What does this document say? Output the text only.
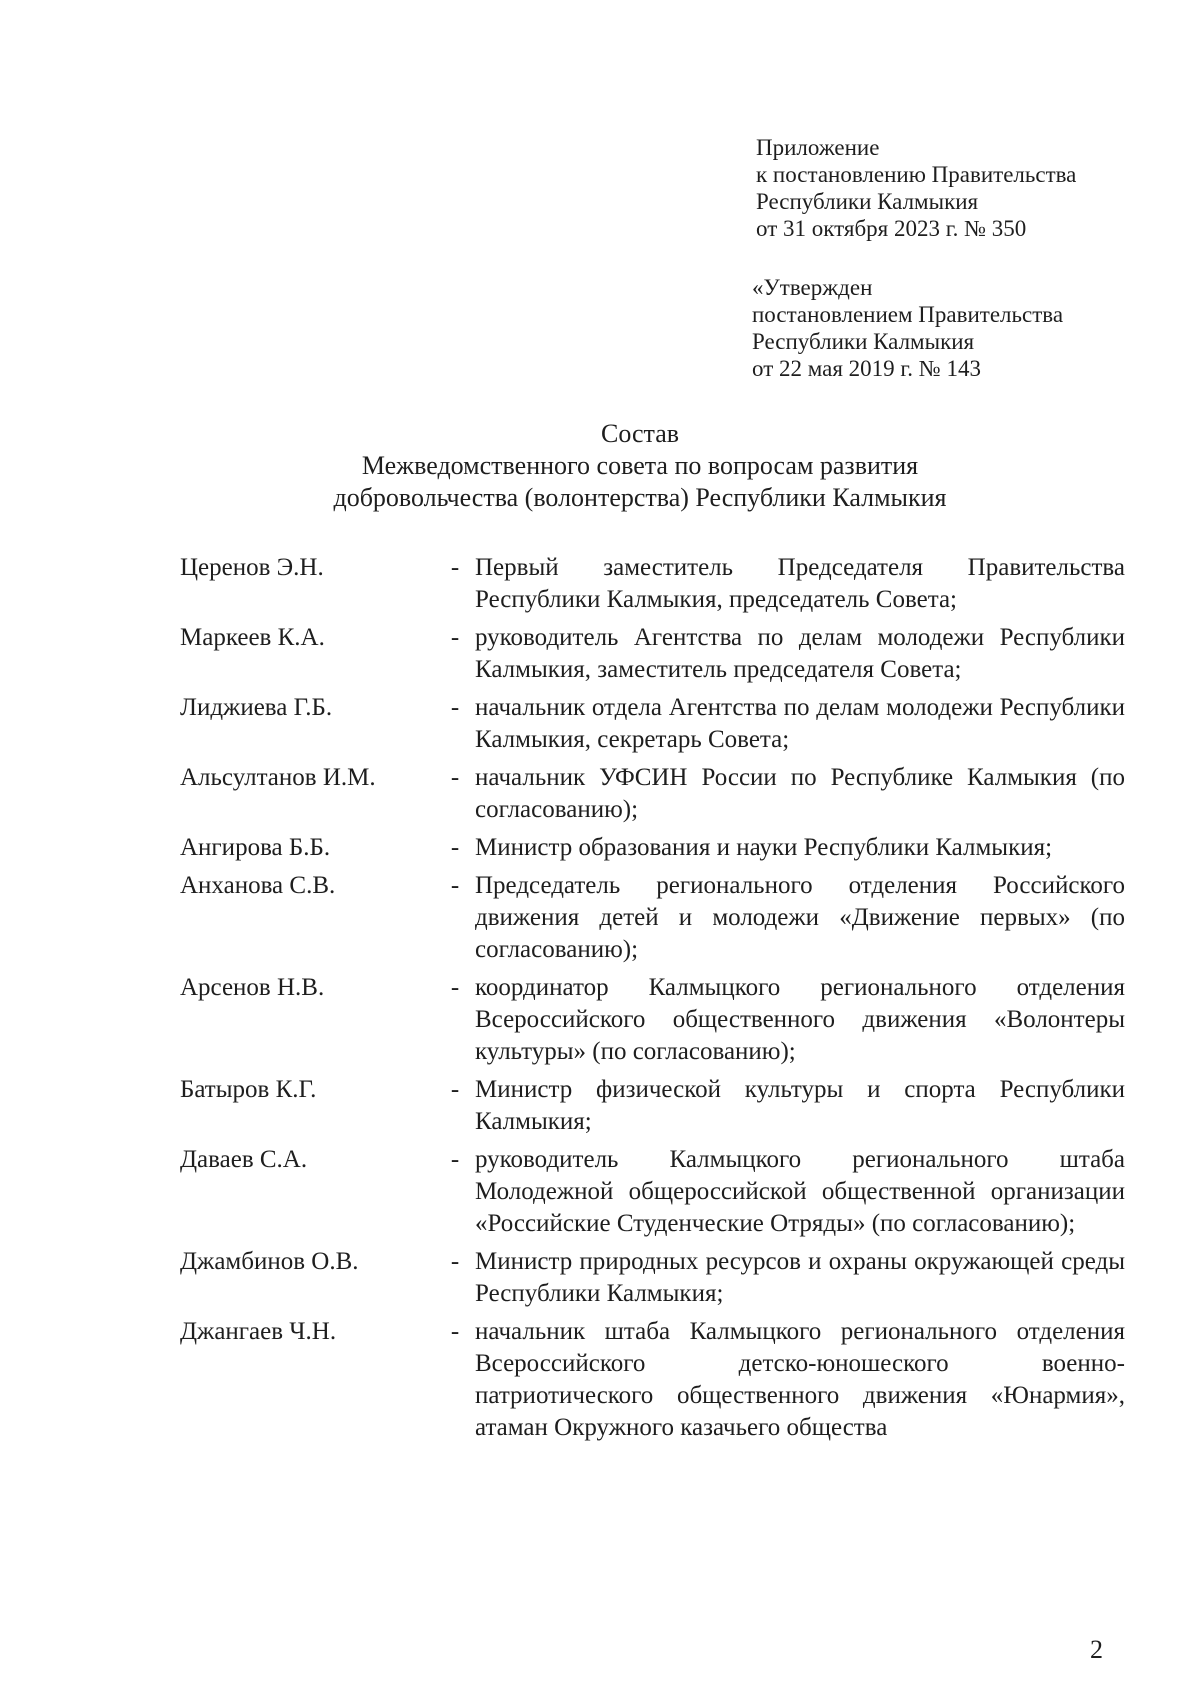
Приложение
к постановлению Правительства
Республики Калмыкия
от 31 октября 2023 г. № 350
«Утвержден
постановлением Правительства
Республики Калмыкия
от 22 мая 2019 г. № 143
Состав
Межведомственного совета по вопросам развития
добровольчества (волонтерства) Республики Калмыкия
Церенов Э.Н.	- Первый заместитель Председателя Правительства Республики Калмыкия, председатель Совета;
Маркеев К.А.	- руководитель Агентства по делам молодежи Республики Калмыкия, заместитель председателя Совета;
Лиджиева Г.Б.	- начальник отдела Агентства по делам молодежи Республики Калмыкия, секретарь Совета;
Альсултанов И.М.	- начальник УФСИН России по Республике Калмыкия (по согласованию);
Ангирова Б.Б.	- Министр образования и науки Республики Калмыкия;
Анханова С.В.	- Председатель регионального отделения Российского движения детей и молодежи «Движение первых» (по согласованию);
Арсенов Н.В.	- координатор Калмыцкого регионального отделения Всероссийского общественного движения «Волонтеры культуры» (по согласованию);
Батыров К.Г.	- Министр физической культуры и спорта Республики Калмыкия;
Даваев С.А.	- руководитель Калмыцкого регионального штаба Молодежной общероссийской общественной организации «Российские Студенческие Отряды» (по согласованию);
Джамбинов О.В.	- Министр природных ресурсов и охраны окружающей среды Республики Калмыкия;
Джангаев Ч.Н.	- начальник штаба Калмыцкого регионального отделения Всероссийского детско-юношеского военно-патриотического общественного движения «Юнармия», атаман Окружного казачьего общества
2
